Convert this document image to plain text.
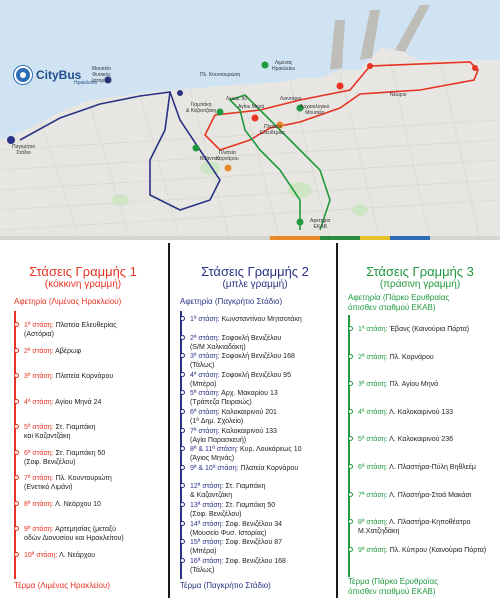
CityBus
Ηρακλείου
Μουσείο
Φυσικής
Ιστορίας
Πλ. Κουντουριώτη
Λιμένας
Ηρακλείου
Γιαμπάκη
& Καζαντζάκη
Λεωφ. 50
Αγίου Μηνά
Λιοντάρια
Αρχαιολογικό
Μουσείο
Πλατεία
Ελευθερίας
Πλατεία
Κορνάρου
Παγκρήτιο
Στάδιο
Νεώριο
Αφετηρία
ΕΚΑΒ
Βιζαντινό
Στάσεις Γραμμής 1
(κόκκινη γραμμή)
Αφετηρία (Λιμένας Ηρακλείου)
1ª στάση: Πλατεία Ελευθερίας
(Αστόρια)
2ª στάση: Αβέρωφ
3ª στάση: Πλατεία Κορνάρου
4ª στάση: Αγίου Μηνά 24
5ª στάση: Στ. Γιαμπάκη
και Καζαντζάκη
6ª στάση: Στ. Γιαμπάκη 50
(Σοφ. Βενιζέλου)
7ª στάση: Πλ. Κουντουριώτη
(Ενετικό Λιμάνι)
8ª στάση: Λ. Νεάρχου 10
9ª στάση: Αρτεμησίας (μεταξύ
οδών Διονυσίου και Ηρακλείτου)
10ª στάση: Λ. Νεάρχου
Τέρμα (Λιμένας Ηρακλείου)
Στάσεις Γραμμής 2
(μπλε γραμμή)
Αφετηρία (Παγκρήτιο Στάδιο)
1ª στάση: Κωνσταντίνου Μητσοτάκη
2ª στάση: Σοφοκλή Βενιζέλου
(S/M Χαλκιαδάκη)
3ª στάση: Σοφοκλή Βενιζέλου 168
(Τάλως)
4ª στάση: Σοφοκλή Βενιζέλου 95
(Μπέρα)
5ª στάση: Αρχ. Μακαρίου 13
(Τράπεζα Πειραιώς)
6ª στάση: Καλοκαιρινού 201
(1ª Δημ. Σχολείο)
7ª στάση: Καλοκαιρινού 133
(Αγία Παρασκευή)
8ª & 11ª στάση: Κυρ. Λουκάρεως 10
(Άγιος Μηνάς)
9ª & 10ª στάση: Πλατεία Κορνάρου
12ª στάση: Στ. Γιαμπάκη
& Καζαντζάκη
13ª στάση: Στ. Γιαμπάκη 50
(Σοφ. Βενιζέλου)
14ª στάση: Σοφ. Βενιζέλου 34
(Μουσείο Φυσ. Ιστορίας)
15ª στάση: Σοφ. Βενιζέλου 87
(Μπέρα)
16ª στάση: Σοφ. Βενιζέλου 168
(Τάλως)
Τέρμα (Παγκρήτιο Στάδιο)
Στάσεις Γραμμής 3
(πράσινη γραμμή)
Αφετηρία (Πάρκο Ερυθραίας
όπισθεν σταθμού ΕΚΑΒ)
1ª στάση: Έβανς (Καινούρια Πόρτα)
2ª στάση: Πλ. Κορνάρου
3ª στάση: Πλ. Αγίου Μηνά
4ª στάση: Λ. Καλοκαιρινού 133
5ª στάση: Λ. Καλοκαιρινού 236
6ª στάση: Λ. Πλαστήρα-Πύλη Βηθλεέμ
7ª στάση: Λ. Πλαστήρα-Στοά Μακάσι
8ª στάση: Λ. Πλαστήρα-Κηποθέατρο
Μ.Χατζηδάκη
9ª στάση: Πλ. Κύπρου (Καινούρια Πόρτα)
Τέρμα (Πάρκο Ερυθραίας
όπισθεν σταθμού ΕΚΑΒ)
